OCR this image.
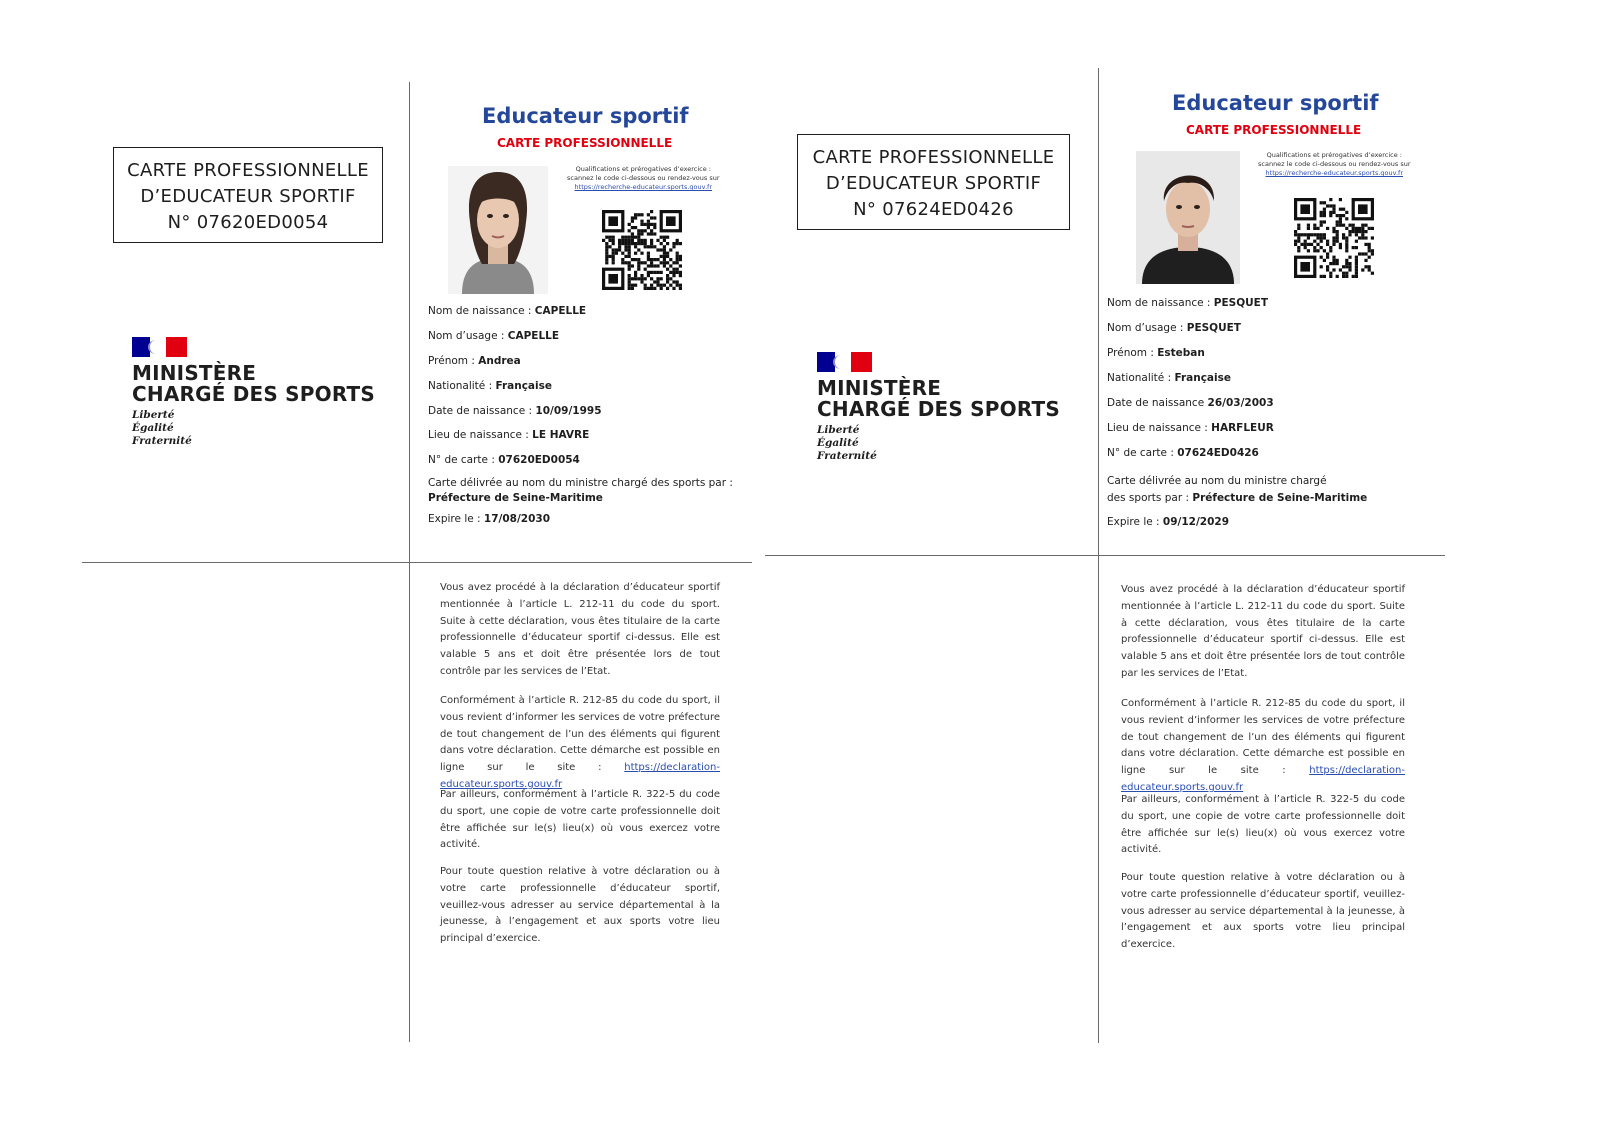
CARTE PROFESSIONNELLE
D’EDUCATEUR SPORTIF
N° 07620ED0054
MINISTÈRE
CHARGÉ DES SPORTS
Liberté
Égalité
Fraternité
Educateur sportif
CARTE PROFESSIONNELLE
Qualifications et prérogatives d’exercice :
scannez le code ci-dessous ou rendez-vous sur
https://recherche-educateur.sports.gouv.fr
Nom de naissance : CAPELLE
Nom d’usage : CAPELLE
Prénom : Andrea
Nationalité : Française
Date de naissance : 10/09/1995
Lieu de naissance : LE HAVRE
N° de carte : 07620ED0054
Carte délivrée au nom du ministre chargé des sports par :
Préfecture de Seine-Maritime
Expire le : 17/08/2030

Vous avez procédé à la déclaration d’éducateur sportif mentionnée à l’article L. 212-11 du code du sport. Suite à cette déclaration, vous êtes titulaire de la carte professionnelle d’éducateur sportif ci-dessus. Elle est valable 5 ans et doit être présentée lors de tout contrôle par les services de l’Etat.

Conformément à l’article R. 212-85 du code du sport, il vous revient d’informer les services de votre préfecture de tout changement de l’un des éléments qui figurent dans votre déclaration. Cette démarche est possible en ligne sur le site : https://declaration-educateur.sports.gouv.fr

Par ailleurs, conformément à l’article R. 322-5 du code du sport, une copie de votre carte professionnelle doit être affichée sur le(s) lieu(x) où vous exercez votre activité.

Pour toute question relative à votre déclaration ou à votre carte professionnelle d’éducateur sportif, veuillez-vous adresser au service départemental à la jeunesse, à l’engagement et aux sports votre lieu principal d’exercice.

CARTE PROFESSIONNELLE
D’EDUCATEUR SPORTIF
N° 07624ED0426
MINISTÈRE
CHARGÉ DES SPORTS
Liberté
Égalité
Fraternité
Educateur sportif
CARTE PROFESSIONNELLE
Qualifications et prérogatives d’exercice :
scannez le code ci-dessous ou rendez-vous sur
https://recherche-educateur.sports.gouv.fr
Nom de naissance : PESQUET
Nom d’usage : PESQUET
Prénom : Esteban
Nationalité : Française
Date de naissance 26/03/2003
Lieu de naissance : HARFLEUR
N° de carte : 07624ED0426
Carte délivrée au nom du ministre chargé
des sports par : Préfecture de Seine-Maritime
Expire le : 09/12/2029

Vous avez procédé à la déclaration d’éducateur sportif mentionnée à l’article L. 212-11 du code du sport. Suite à cette déclaration, vous êtes titulaire de la carte professionnelle d’éducateur sportif ci-dessus. Elle est valable 5 ans et doit être présentée lors de tout contrôle par les services de l’Etat.

Conformément à l’article R. 212-85 du code du sport, il vous revient d’informer les services de votre préfecture de tout changement de l’un des éléments qui figurent dans votre déclaration. Cette démarche est possible en ligne sur le site : https://declaration-educateur.sports.gouv.fr

Par ailleurs, conformément à l’article R. 322-5 du code du sport, une copie de votre carte professionnelle doit être affichée sur le(s) lieu(x) où vous exercez votre activité.

Pour toute question relative à votre déclaration ou à votre carte professionnelle d’éducateur sportif, veuillez-vous adresser au service départemental à la jeunesse, à l’engagement et aux sports votre lieu principal d’exercice.
